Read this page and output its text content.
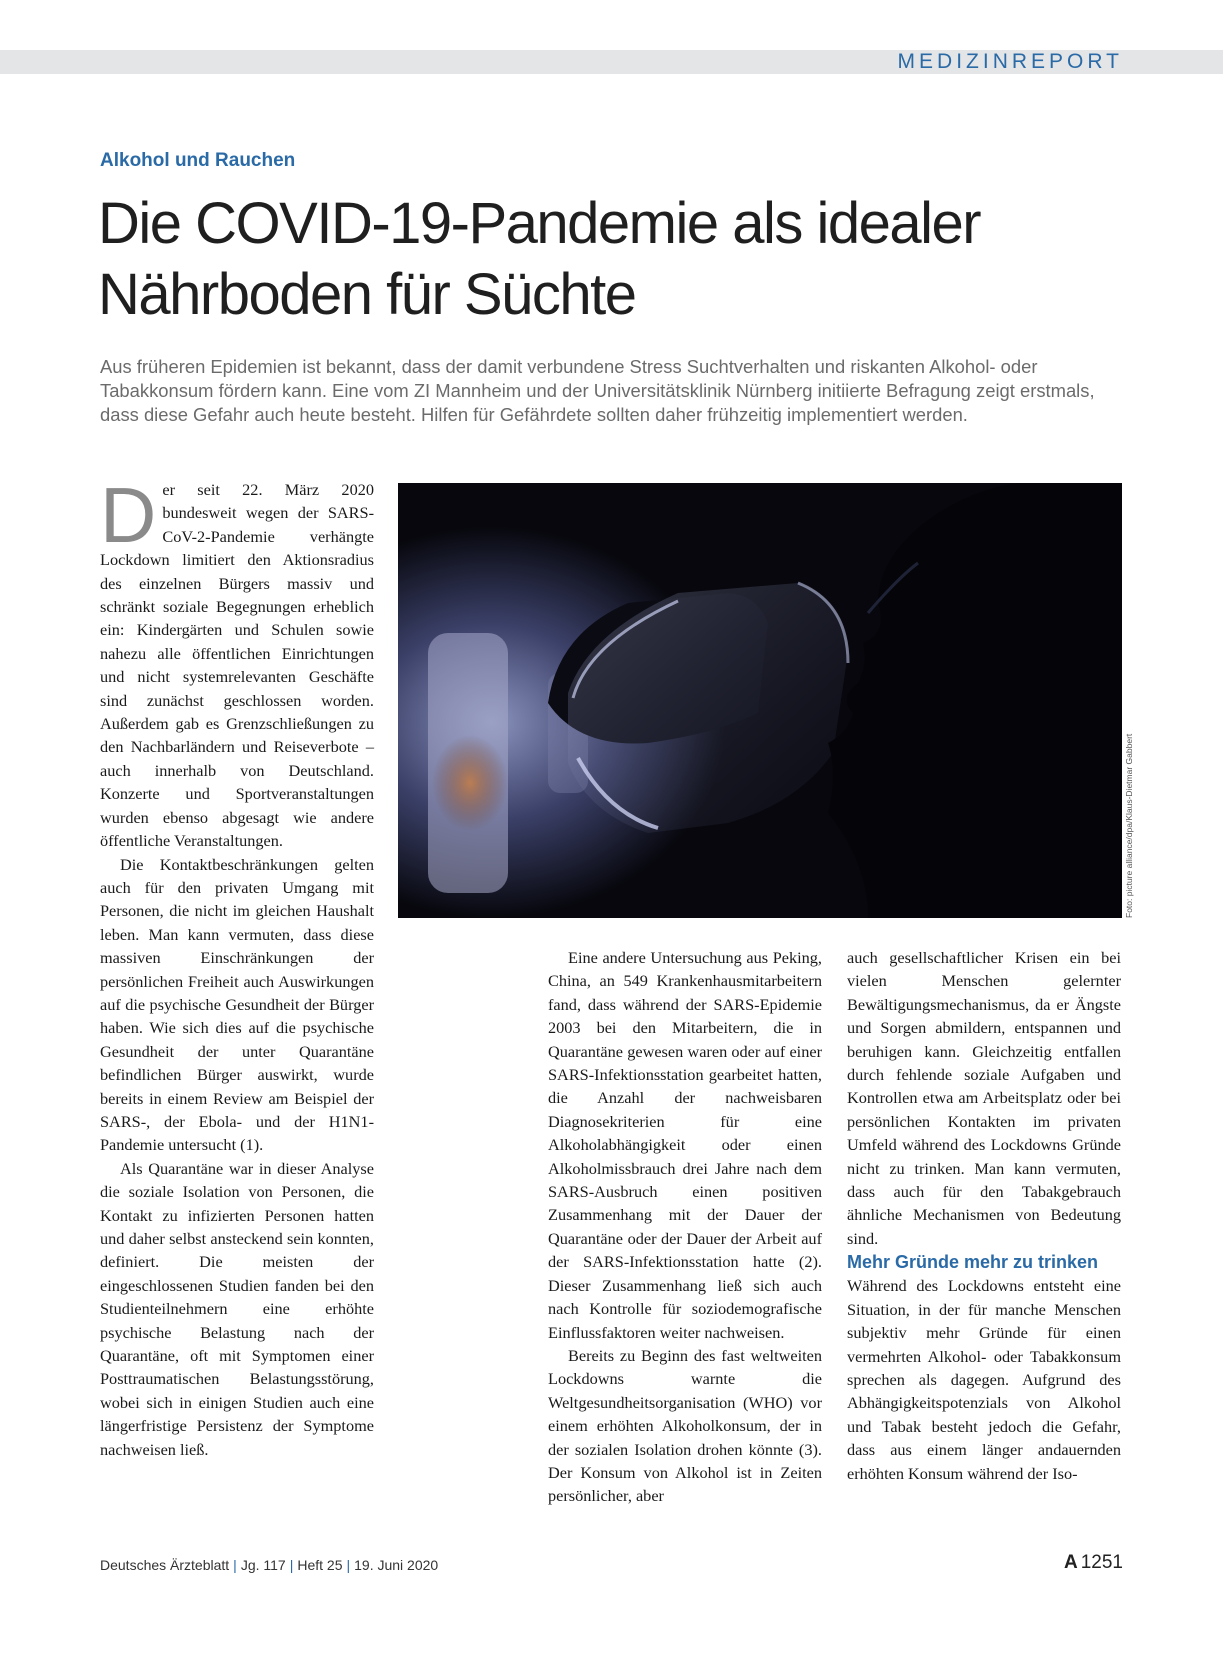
MEDIZINREPORT
Alkohol und Rauchen
Die COVID-19-Pandemie als idealer
Nährboden für Süchte

Aus früheren Epidemien ist bekannt, dass der damit verbundene Stress Suchtverhalten und riskanten Alkohol- oder Tabakkonsum fördern kann. Eine vom ZI Mannheim und der Universitätsklinik Nürnberg initiierte Befragung zeigt erstmals, dass diese Gefahr auch heute besteht. Hilfen für Gefährdete sollten daher frühzeitig implementiert werden.

Der seit 22. März 2020 bundesweit wegen der SARS-CoV-2-Pandemie verhängte Lockdown limitiert den Aktionsradius des einzelnen Bürgers massiv und schränkt soziale Begegnungen erheblich ein: Kindergärten und Schulen sowie nahezu alle öffentlichen Einrichtungen und nicht systemrelevanten Geschäfte sind zunächst geschlossen worden. Außerdem gab es Grenzschließungen zu den Nachbarländern und Reiseverbote – auch innerhalb von Deutschland. Konzerte und Sportveranstaltungen wurden ebenso abgesagt wie andere öffentliche Veranstaltungen.

Die Kontaktbeschränkungen gelten auch für den privaten Umgang mit Personen, die nicht im gleichen Haushalt leben. Man kann vermuten, dass diese massiven Einschränkungen der persönlichen Freiheit auch Auswirkungen auf die psychische Gesundheit der Bürger haben. Wie sich dies auf die psychische Gesundheit der unter Quarantäne befindlichen Bürger auswirkt, wurde bereits in einem Review am Beispiel der SARS-, der Ebola- und der H1N1-Pandemie untersucht (1).

Als Quarantäne war in dieser Analyse die soziale Isolation von Personen, die Kontakt zu infizierten Personen hatten und daher selbst ansteckend sein konnten, definiert. Die meisten der eingeschlossenen Studien fanden bei den Studienteilnehmern eine erhöhte psychische Belastung nach der Quarantäne, oft mit Symptomen einer Posttraumatischen Belastungsstörung, wobei sich in einigen Studien auch eine längerfristige Persistenz der Symptome nachweisen ließ.

Foto: picture alliance/dpa/Klaus-Dietmar Gabbert

Eine andere Untersuchung aus Peking, China, an 549 Krankenhausmitarbeitern fand, dass während der SARS-Epidemie 2003 bei den Mitarbeitern, die in Quarantäne gewesen waren oder auf einer SARS-Infektionsstation gearbeitet hatten, die Anzahl der nachweisbaren Diagnosekriterien für eine Alkoholabhängigkeit oder einen Alkoholmissbrauch drei Jahre nach dem SARS-Ausbruch einen positiven Zusammenhang mit der Dauer der Quarantäne oder der Dauer der Arbeit auf der SARS-Infektionsstation hatte (2). Dieser Zusammenhang ließ sich auch nach Kontrolle für soziodemografische Einflussfaktoren weiter nachweisen.

Bereits zu Beginn des fast weltweiten Lockdowns warnte die Weltgesundheitsorganisation (WHO) vor einem erhöhten Alkoholkonsum, der in der sozialen Isolation drohen könnte (3). Der Konsum von Alkohol ist in Zeiten persönlicher, aber

auch gesellschaftlicher Krisen ein bei vielen Menschen gelernter Bewältigungsmechanismus, da er Ängste und Sorgen abmildern, entspannen und beruhigen kann. Gleichzeitig entfallen durch fehlende soziale Aufgaben und Kontrollen etwa am Arbeitsplatz oder bei persönlichen Kontakten im privaten Umfeld während des Lockdowns Gründe nicht zu trinken. Man kann vermuten, dass auch für den Tabakgebrauch ähnliche Mechanismen von Bedeutung sind.

Mehr Gründe mehr zu trinken

Während des Lockdowns entsteht eine Situation, in der für manche Menschen subjektiv mehr Gründe für einen vermehrten Alkohol- oder Tabakkonsum sprechen als dagegen. Aufgrund des Abhängigkeitspotenzials von Alkohol und Tabak besteht jedoch die Gefahr, dass aus einem länger andauernden erhöhten Konsum während der Iso-

Deutsches Ärzteblatt | Jg. 117 | Heft 25 | 19. Juni 2020	A 1251
